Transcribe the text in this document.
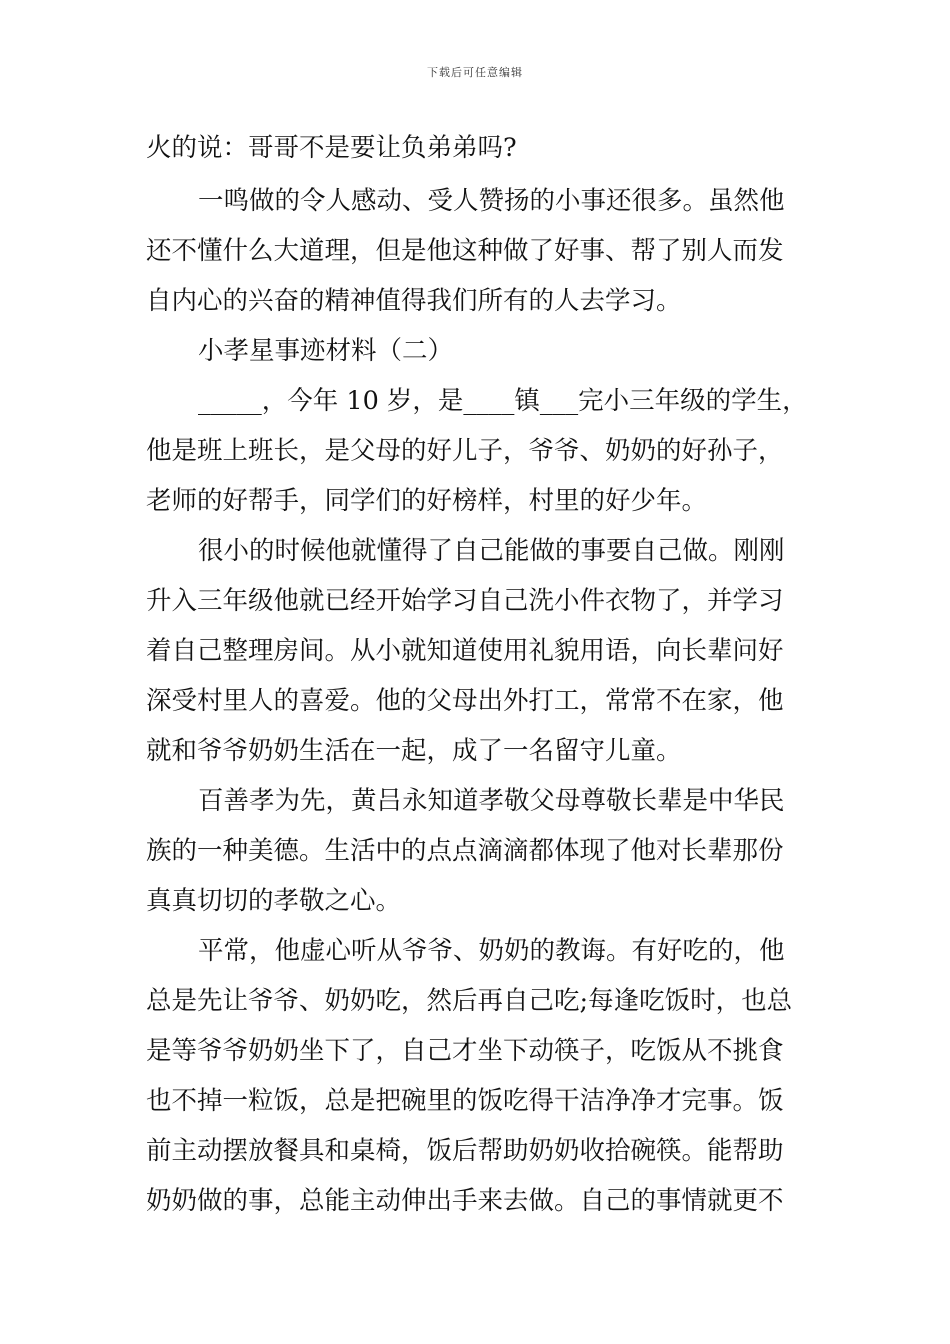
下载后可任意编辑
火的说：哥哥不是要让负弟弟吗?
一鸣做的令人感动、受人赞扬的小事还很多。虽然他
还不懂什么大道理，但是他这种做了好事、帮了别人而发
自内心的兴奋的精神值得我们所有的人去学习。
小孝星事迹材料（二）
_____，今年 10 岁，是____镇___完小三年级的学生，
他是班上班长，是父母的好儿子，爷爷、奶奶的好孙子，
老师的好帮手，同学们的好榜样，村里的好少年。
很小的时候他就懂得了自己能做的事要自己做。刚刚
升入三年级他就已经开始学习自己洗小件衣物了，并学习
着自己整理房间。从小就知道使用礼貌用语，向长辈问好
深受村里人的喜爱。他的父母出外打工，常常不在家，他
就和爷爷奶奶生活在一起，成了一名留守儿童。
百善孝为先，黄吕永知道孝敬父母尊敬长辈是中华民
族的一种美德。生活中的点点滴滴都体现了他对长辈那份
真真切切的孝敬之心。
平常，他虚心听从爷爷、奶奶的教诲。有好吃的，他
总是先让爷爷、奶奶吃，然后再自己吃;每逢吃饭时，也总
是等爷爷奶奶坐下了，自己才坐下动筷子，吃饭从不挑食
也不掉一粒饭，总是把碗里的饭吃得干洁净净才完事。饭
前主动摆放餐具和桌椅，饭后帮助奶奶收拾碗筷。能帮助
奶奶做的事，总能主动伸出手来去做。自己的事情就更不
